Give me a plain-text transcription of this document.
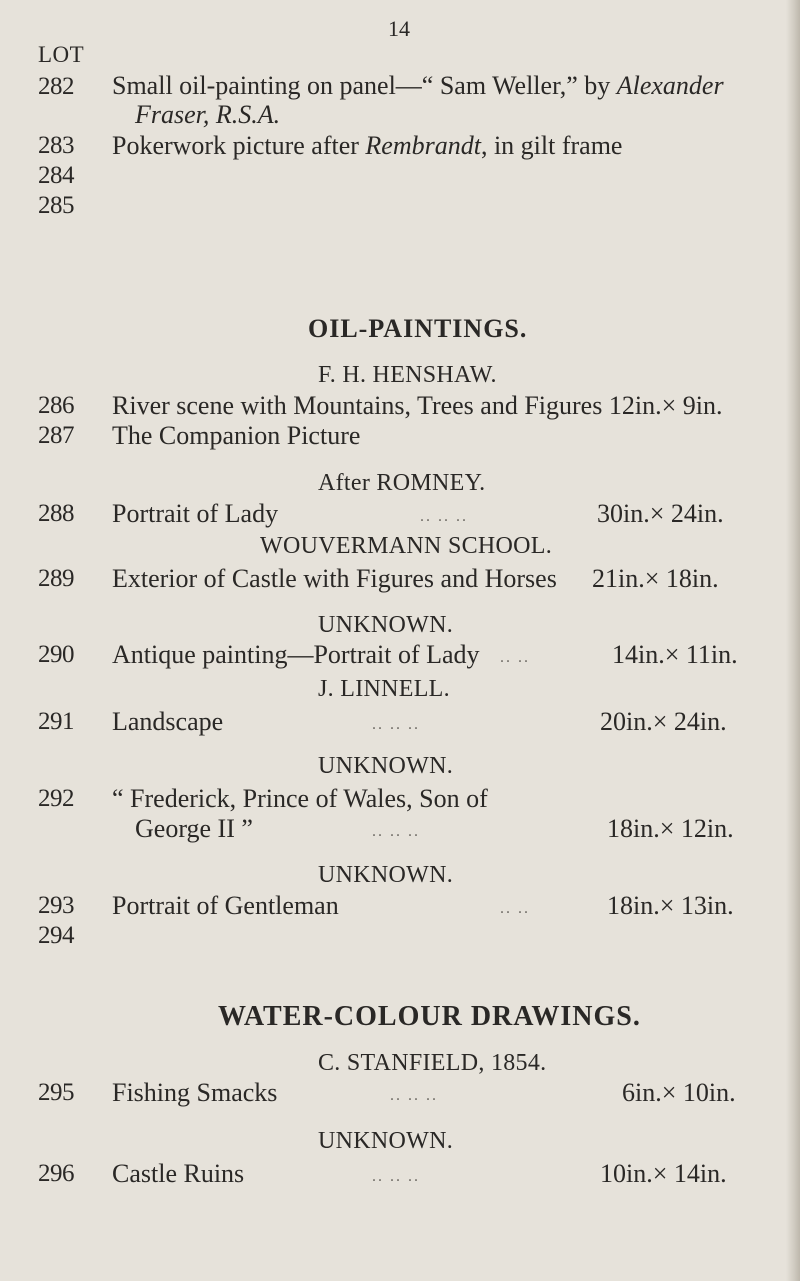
14
LOT
282 Small oil-painting on panel—“ Sam Weller,” by Alexander
Fraser, R.S.A.
283 Pokerwork picture after Rembrandt, in gilt frame
284
285
OIL-PAINTINGS.
F. H. HENSHAW.
286 River scene with Mountains, Trees and Figures 12in.× 9in.
287 The Companion Picture
After ROMNEY.
288 Portrait of Lady	.. .. ..	30in.× 24in.
WOUVERMANN SCHOOL.
289 Exterior of Castle with Figures and Horses 21in.× 18in.
UNKNOWN.
290 Antique painting—Portrait of Lady .. ..	14in.× 11in.
J. LINNELL.
291 Landscape	.. .. ..	20in.× 24in.
UNKNOWN.
292 “ Frederick, Prince of Wales, Son of
George II ”	.. .. ..	18in.× 12in.
UNKNOWN.
293 Portrait of Gentleman	.. ..	18in.× 13in.
294
WATER-COLOUR DRAWINGS.
C. STANFIELD, 1854.
295 Fishing Smacks	.. .. ..	6in.× 10in.
UNKNOWN.
296 Castle Ruins	.. .. ..	10in.× 14in.
